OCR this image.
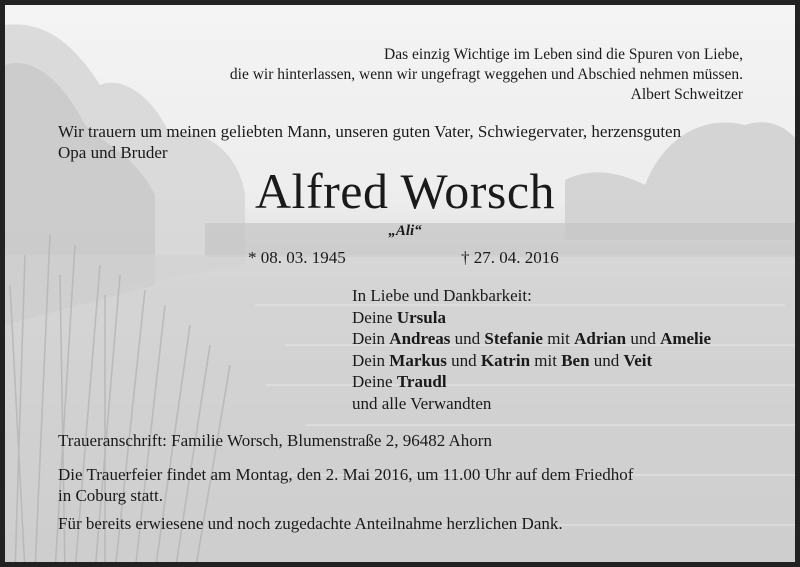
Das einzig Wichtige im Leben sind die Spuren von Liebe,
die wir hinterlassen, wenn wir ungefragt weggehen und Abschied nehmen müssen.
Albert Schweitzer
Wir trauern um meinen geliebten Mann, unseren guten Vater, Schwiegervater, herzensguten
Opa und Bruder
Alfred Worsch
„Ali“
* 08. 03. 1945	† 27. 04. 2016
In Liebe und Dankbarkeit:
Deine Ursula
Dein Andreas und Stefanie mit Adrian und Amelie
Dein Markus und Katrin mit Ben und Veit
Deine Traudl
und alle Verwandten
Traueranschrift: Familie Worsch, Blumenstraße 2, 96482 Ahorn
Die Trauerfeier findet am Montag, den 2. Mai 2016, um 11.00 Uhr auf dem Friedhof
in Coburg statt.
Für bereits erwiesene und noch zugedachte Anteilnahme herzlichen Dank.
